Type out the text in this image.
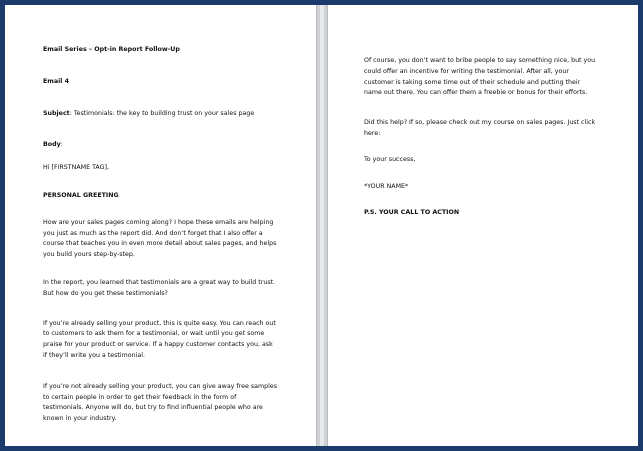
Email Series – Opt-in Report Follow-Up

Email 4

Subject: Testimonials: the key to building trust on your sales page

Body:

Hi [FIRSTNAME TAG],

PERSONAL GREETING

How are your sales pages coming along? I hope these emails are helping you just as much as the report did. And don’t forget that I also offer a course that teaches you in even more detail about sales pages, and helps you build yours step-by-step.

In the report, you learned that testimonials are a great way to build trust. But how do you get these testimonials?

If you’re already selling your product, this is quite easy. You can reach out to customers to ask them for a testimonial, or wait until you get some praise for your product or service. If a happy customer contacts you, ask if they’ll write you a testimonial.

If you’re not already selling your product, you can give away free samples to certain people in order to get their feedback in the form of testimonials. Anyone will do, but try to find influential people who are known in your industry.

Of course, you don’t want to bribe people to say something nice, but you could offer an incentive for writing the testimonial. After all, your customer is taking some time out of their schedule and putting their name out there. You can offer them a freebie or bonus for their efforts.

Did this help? If so, please check out my course on sales pages. Just click here:

To your success,

*YOUR NAME*

P.S. YOUR CALL TO ACTION
